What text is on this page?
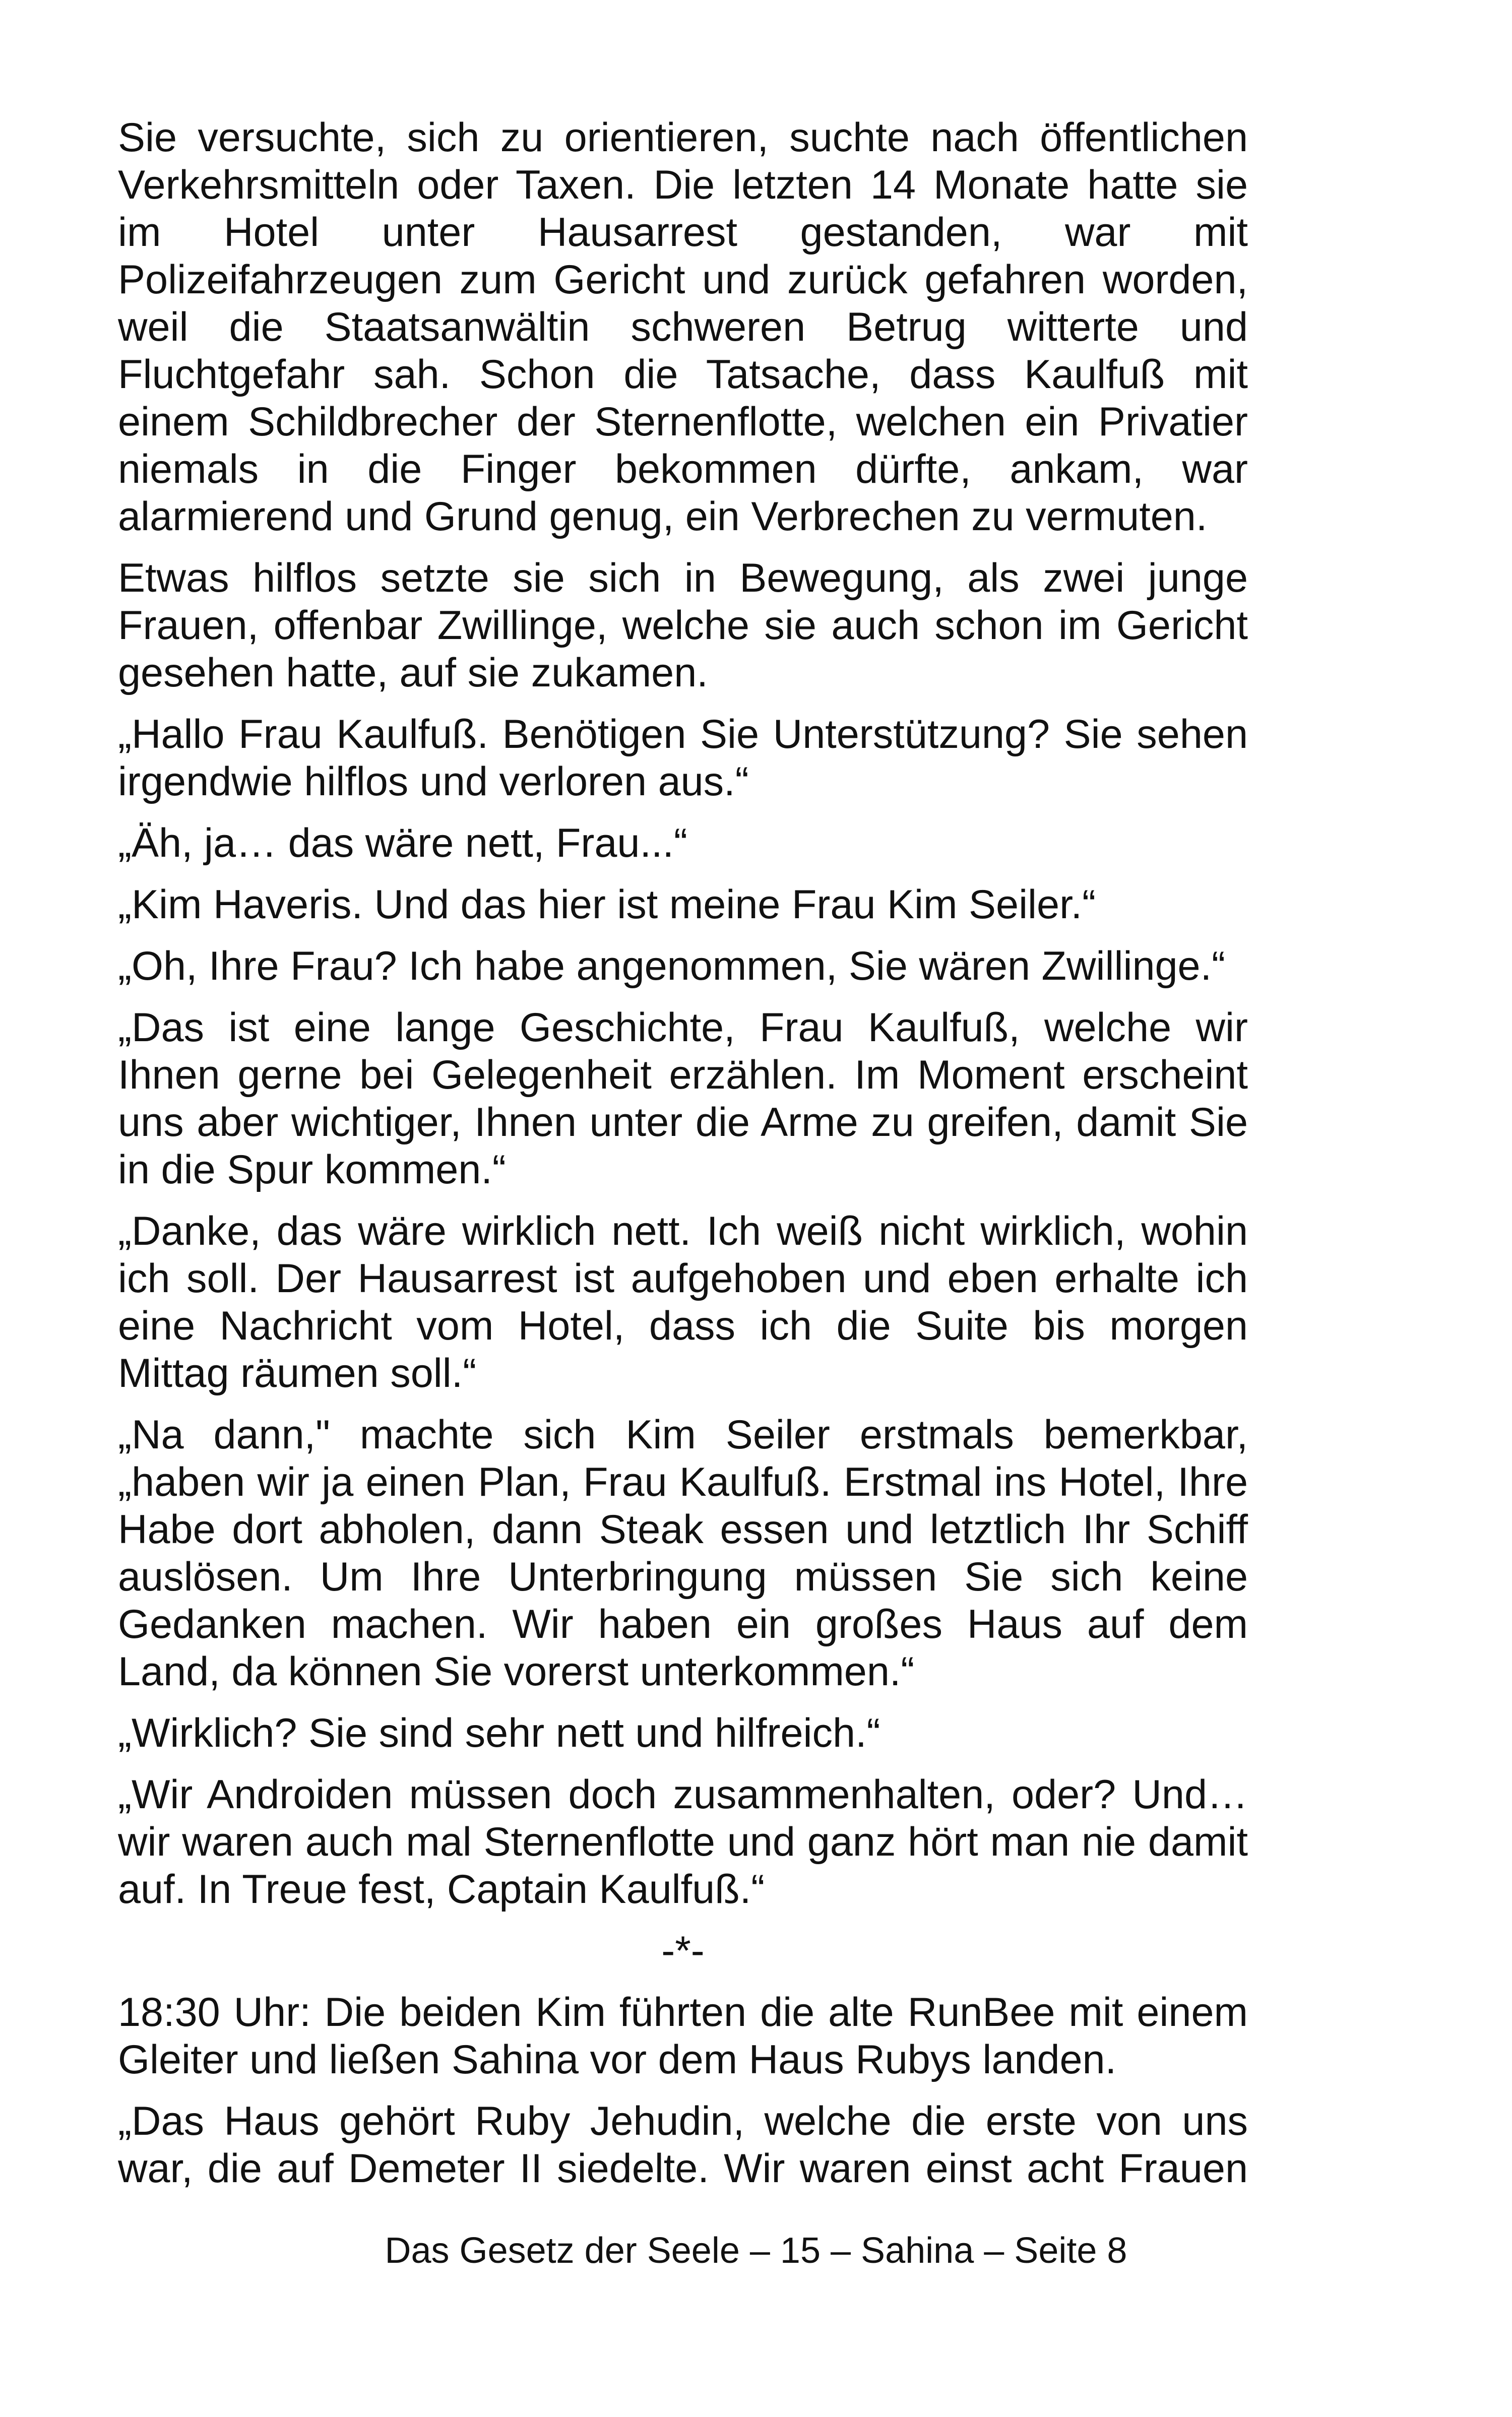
Sie versuchte, sich zu orientieren, suchte nach öffentlichen Verkehrsmitteln oder Taxen. Die letzten 14 Monate hatte sie im Hotel unter Hausarrest gestanden, war mit Polizeifahrzeugen zum Gericht und zurück gefahren worden, weil die Staatsanwältin schweren Betrug witterte und Fluchtgefahr sah. Schon die Tatsache, dass Kaulfuß mit einem Schildbrecher der Sternenflotte, welchen ein Privatier niemals in die Finger bekommen dürfte, ankam, war alarmierend und Grund genug, ein Verbrechen zu vermuten.

Etwas hilflos setzte sie sich in Bewegung, als zwei junge Frauen, offenbar Zwillinge, welche sie auch schon im Gericht gesehen hatte, auf sie zukamen.

„Hallo Frau Kaulfuß. Benötigen Sie Unterstützung? Sie sehen irgendwie hilflos und verloren aus.“

„Äh, ja… das wäre nett, Frau...“

„Kim Haveris. Und das hier ist meine Frau Kim Seiler.“

„Oh, Ihre Frau? Ich habe angenommen, Sie wären Zwillinge.“

„Das ist eine lange Geschichte, Frau Kaulfuß, welche wir Ihnen gerne bei Gelegenheit erzählen. Im Moment erscheint uns aber wichtiger, Ihnen unter die Arme zu greifen, damit Sie in die Spur kommen.“

„Danke, das wäre wirklich nett. Ich weiß nicht wirklich, wohin ich soll. Der Hausarrest ist aufgehoben und eben erhalte ich eine Nachricht vom Hotel, dass ich die Suite bis morgen Mittag räumen soll.“

„Na dann," machte sich Kim Seiler erstmals bemerkbar, „haben wir ja einen Plan, Frau Kaulfuß. Erstmal ins Hotel, Ihre Habe dort abholen, dann Steak essen und letztlich Ihr Schiff auslösen. Um Ihre Unterbringung müssen Sie sich keine Gedanken machen. Wir haben ein großes Haus auf dem Land, da können Sie vorerst unterkommen.“

„Wirklich? Sie sind sehr nett und hilfreich.“

„Wir Androiden müssen doch zusammenhalten, oder? Und… wir waren auch mal Sternenflotte und ganz hört man nie damit auf. In Treue fest, Captain Kaulfuß.“

-*-

18:30 Uhr: Die beiden Kim führten die alte RunBee mit einem Gleiter und ließen Sahina vor dem Haus Rubys landen.

„Das Haus gehört Ruby Jehudin, welche die erste von uns war, die auf Demeter II siedelte. Wir waren einst acht Frauen

Das Gesetz der Seele – 15 – Sahina – Seite 8
